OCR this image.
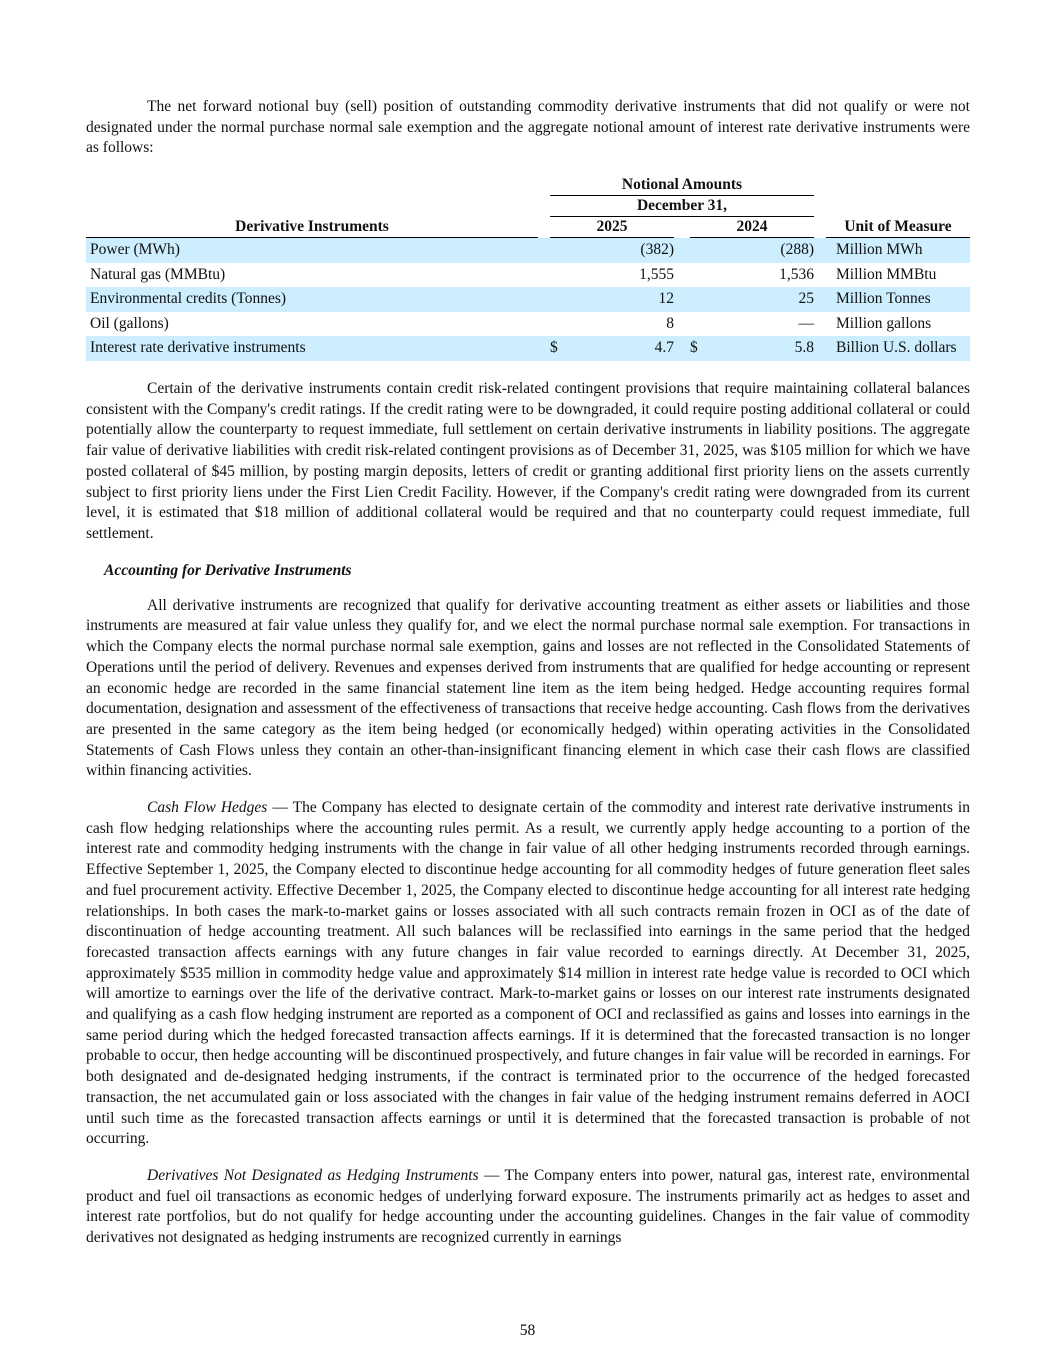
The net forward notional buy (sell) position of outstanding commodity derivative instruments that did not qualify or were not designated under the normal purchase normal sale exemption and the aggregate notional amount of interest rate derivative instruments were as follows:

		Notional Amounts						
		December 31,						
Derivative Instruments		2025			2024			Unit of Measure
Power (MWh)			(382)			(288)		Million MWh
Natural gas (MMBtu)			1,555			1,536		Million MMBtu
Environmental credits (Tonnes)			12			25		Million Tonnes
Oil (gallons)			8			—		Million gallons
Interest rate derivative instruments		$	4.7		$	5.8		Billion U.S. dollars

Certain of the derivative instruments contain credit risk-related contingent provisions that require maintaining collateral balances consistent with the Company's credit ratings. If the credit rating were to be downgraded, it could require posting additional collateral or could potentially allow the counterparty to request immediate, full settlement on certain derivative instruments in liability positions. The aggregate fair value of derivative liabilities with credit risk-related contingent provisions as of December 31, 2025, was $105 million for which we have posted collateral of $45 million, by posting margin deposits, letters of credit or granting additional first priority liens on the assets currently subject to first priority liens under the First Lien Credit Facility. However, if the Company's credit rating were downgraded from its current level, it is estimated that $18 million of additional collateral would be required and that no counterparty could request immediate, full settlement.

Accounting for Derivative Instruments

All derivative instruments are recognized that qualify for derivative accounting treatment as either assets or liabilities and those instruments are measured at fair value unless they qualify for, and we elect the normal purchase normal sale exemption. For transactions in which the Company elects the normal purchase normal sale exemption, gains and losses are not reflected in the Consolidated Statements of Operations until the period of delivery. Revenues and expenses derived from instruments that are qualified for hedge accounting or represent an economic hedge are recorded in the same financial statement line item as the item being hedged. Hedge accounting requires formal documentation, designation and assessment of the effectiveness of transactions that receive hedge accounting. Cash flows from the derivatives are presented in the same category as the item being hedged (or economically hedged) within operating activities in the Consolidated Statements of Cash Flows unless they contain an other-than-insignificant financing element in which case their cash flows are classified within financing activities.

Cash Flow Hedges — The Company has elected to designate certain of the commodity and interest rate derivative instruments in cash flow hedging relationships where the accounting rules permit. As a result, we currently apply hedge accounting to a portion of the interest rate and commodity hedging instruments with the change in fair value of all other hedging instruments recorded through earnings. Effective September 1, 2025, the Company elected to discontinue hedge accounting for all commodity hedges of future generation fleet sales and fuel procurement activity. Effective December 1, 2025, the Company elected to discontinue hedge accounting for all interest rate hedging relationships. In both cases the mark-to-market gains or losses associated with all such contracts remain frozen in OCI as of the date of discontinuation of hedge accounting treatment. All such balances will be reclassified into earnings in the same period that the hedged forecasted transaction affects earnings with any future changes in fair value recorded to earnings directly. At December 31, 2025, approximately $535 million in commodity hedge value and approximately $14 million in interest rate hedge value is recorded to OCI which will amortize to earnings over the life of the derivative contract. Mark-to-market gains or losses on our interest rate instruments designated and qualifying as a cash flow hedging instrument are reported as a component of OCI and reclassified as gains and losses into earnings in the same period during which the hedged forecasted transaction affects earnings. If it is determined that the forecasted transaction is no longer probable to occur, then hedge accounting will be discontinued prospectively, and future changes in fair value will be recorded in earnings. For both designated and de-designated hedging instruments, if the contract is terminated prior to the occurrence of the hedged forecasted transaction, the net accumulated gain or loss associated with the changes in fair value of the hedging instrument remains deferred in AOCI until such time as the forecasted transaction affects earnings or until it is determined that the forecasted transaction is probable of not occurring.

Derivatives Not Designated as Hedging Instruments — The Company enters into power, natural gas, interest rate, environmental product and fuel oil transactions as economic hedges of underlying forward exposure. The instruments primarily act as hedges to asset and interest rate portfolios, but do not qualify for hedge accounting under the accounting guidelines. Changes in the fair value of commodity derivatives not designated as hedging instruments are recognized currently in earnings

58
